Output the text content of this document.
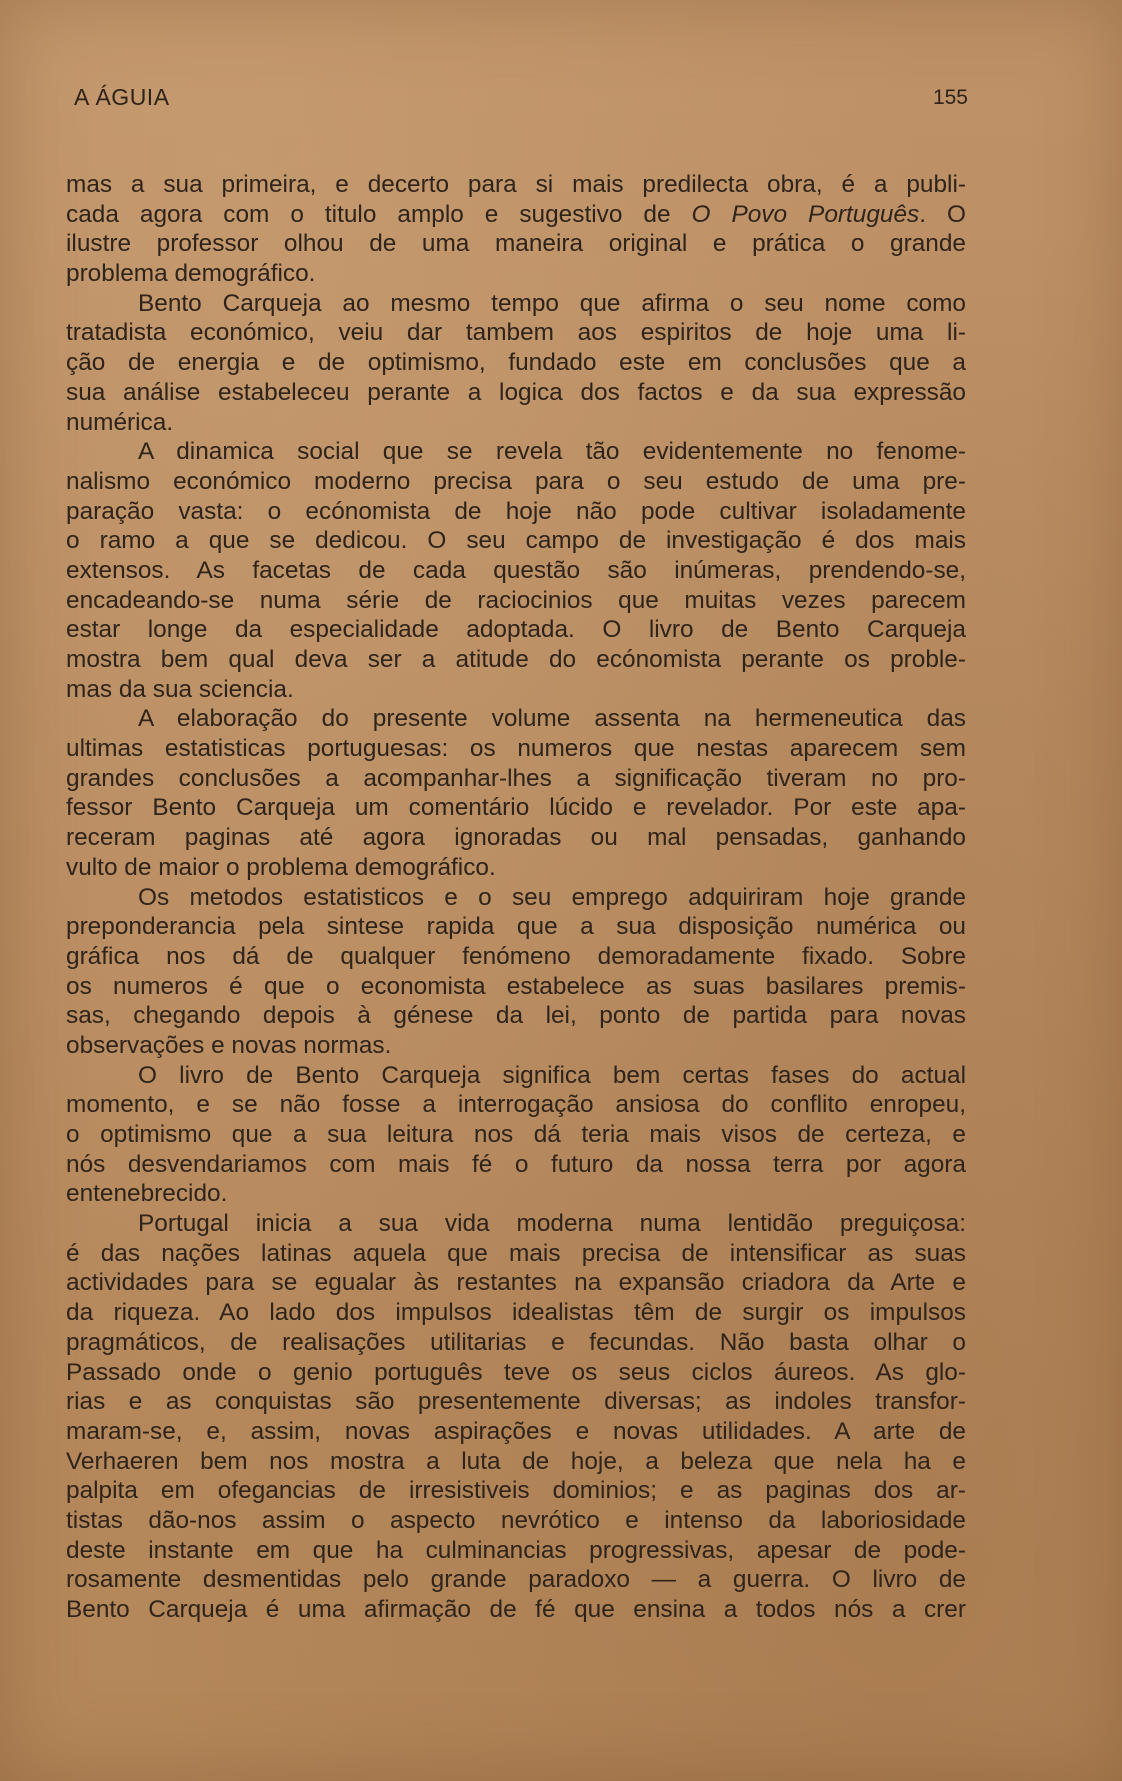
A ÁGUIA	155
mas a sua primeira, e decerto para si mais predilecta obra, é a publi-
cada agora com o titulo amplo e sugestivo de O Povo Português. O
ilustre professor olhou de uma maneira original e prática o grande
problema demográfico.
Bento Carqueja ao mesmo tempo que afirma o seu nome como
tratadista económico, veiu dar tambem aos espiritos de hoje uma li-
ção de energia e de optimismo, fundado este em conclusões que a
sua análise estabeleceu perante a logica dos factos e da sua expressão
numérica.
A dinamica social que se revela tão evidentemente no fenome-
nalismo económico moderno precisa para o seu estudo de uma pre-
paração vasta: o ecónomista de hoje não pode cultivar isoladamente
o ramo a que se dedicou. O seu campo de investigação é dos mais
extensos. As facetas de cada questão são inúmeras, prendendo-se,
encadeando-se numa série de raciocinios que muitas vezes parecem
estar longe da especialidade adoptada. O livro de Bento Carqueja
mostra bem qual deva ser a atitude do ecónomista perante os proble-
mas da sua sciencia.
A elaboração do presente volume assenta na hermeneutica das
ultimas estatisticas portuguesas: os numeros que nestas aparecem sem
grandes conclusões a acompanhar-lhes a significação tiveram no pro-
fessor Bento Carqueja um comentário lúcido e revelador. Por este apa-
receram paginas até agora ignoradas ou mal pensadas, ganhando
vulto de maior o problema demográfico.
Os metodos estatisticos e o seu emprego adquiriram hoje grande
preponderancia pela sintese rapida que a sua disposição numérica ou
gráfica nos dá de qualquer fenómeno demoradamente fixado. Sobre
os numeros é que o economista estabelece as suas basilares premis-
sas, chegando depois à génese da lei, ponto de partida para novas
observações e novas normas.
O livro de Bento Carqueja significa bem certas fases do actual
momento, e se não fosse a interrogação ansiosa do conflito enropeu,
o optimismo que a sua leitura nos dá teria mais visos de certeza, e
nós desvendariamos com mais fé o futuro da nossa terra por agora
entenebrecido.
Portugal inicia a sua vida moderna numa lentidão preguiçosa:
é das nações latinas aquela que mais precisa de intensificar as suas
actividades para se egualar às restantes na expansão criadora da Arte e
da riqueza. Ao lado dos impulsos idealistas têm de surgir os impulsos
pragmáticos, de realisações utilitarias e fecundas. Não basta olhar o
Passado onde o genio português teve os seus ciclos áureos. As glo-
rias e as conquistas são presentemente diversas; as indoles transfor-
maram-se, e, assim, novas aspirações e novas utilidades. A arte de
Verhaeren bem nos mostra a luta de hoje, a beleza que nela ha e
palpita em ofegancias de irresistiveis dominios; e as paginas dos ar-
tistas dão-nos assim o aspecto nevrótico e intenso da laboriosidade
deste instante em que ha culminancias progressivas, apesar de pode-
rosamente desmentidas pelo grande paradoxo — a guerra. O livro de
Bento Carqueja é uma afirmação de fé que ensina a todos nós a crer
